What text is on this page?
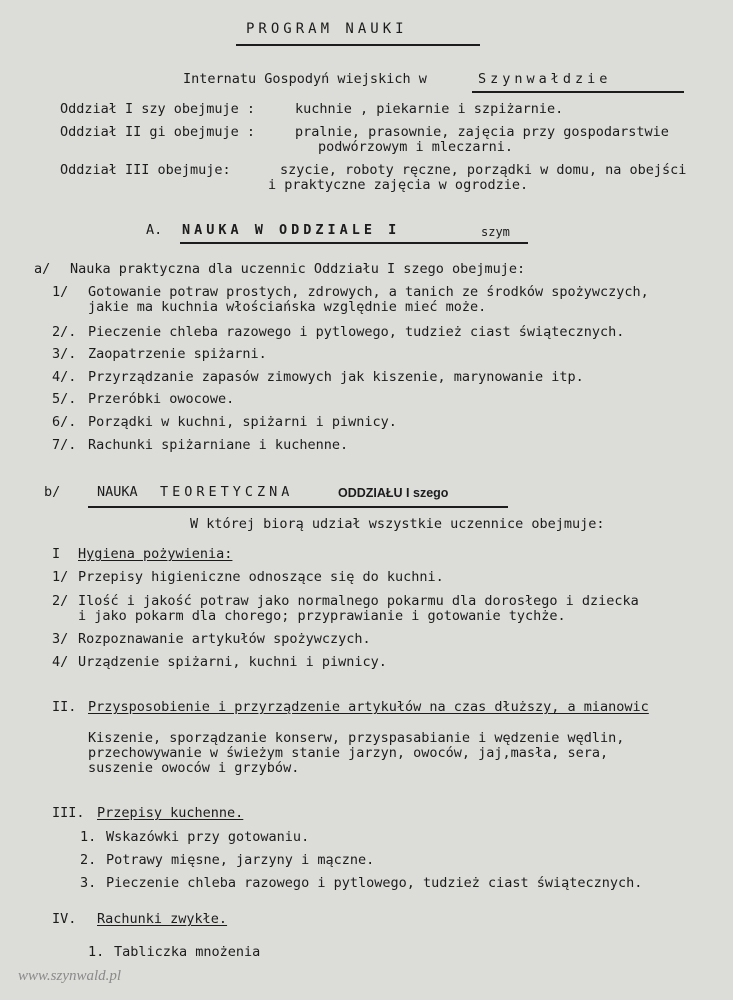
PROGRAM NAUKI
Internatu Gospodyń wiejskich w	Szynwałdzie
Oddział I szy obejmuje :	kuchnie , piekarnie i szpiżarnie.
Oddział II gi obejmuje :	pralnie, prasownie, zajęcia przy gospodarstwie
podwórzowym i mleczarni.
Oddział III obejmuje:	szycie, roboty ręczne, porządki w domu, na obejści
i praktyczne zajęcia w ogrodzie.
A. NAUKA W ODDZIALE I	szym
a/ Nauka praktyczna dla uczennic Oddziału I szego obejmuje:
1/ Gotowanie potraw prostych, zdrowych, a tanich ze środków spożywczych,
jakie ma kuchnia włościańska względnie mieć może.
2/. Pieczenie chleba razowego i pytlowego, tudzież ciast świątecznych.
3/. Zaopatrzenie spiżarni.
4/. Przyrządzanie zapasów zimowych jak kiszenie, marynowanie itp.
5/. Przeróbki owocowe.
6/. Porządki w kuchni, spiżarni i piwnicy.
7/. Rachunki spiżarniane i kuchenne.
b/	NAUKA TEORETYCZNA	ODDZIAŁU I szego
W której biorą udział wszystkie uczennice obejmuje:
I Hygiena pożywienia:
1/ Przepisy higieniczne odnoszące się do kuchni.
2/ Ilość i jakość potraw jako normalnego pokarmu dla dorosłego i dziecka
i jako pokarm dla chorego; przyprawianie i gotowanie tychże.
3/ Rozpoznawanie artykułów spożywczych.
4/ Urządzenie spiżarni, kuchni i piwnicy.
II. Przysposobienie i przyrządzenie artykułów na czas dłuższy, a mianowic
Kiszenie, sporządzanie konserw, przyspasabianie i wędzenie wędlin,
przechowywanie w świeżym stanie jarzyn, owoców, jaj,masła, sera,
suszenie owoców i grzybów.
III. Przepisy kuchenne.
1. Wskazówki przy gotowaniu.
2. Potrawy mięsne, jarzyny i mączne.
3. Pieczenie chleba razowego i pytlowego, tudzież ciast świątecznych.
IV. Rachunki zwykłe.
1. Tabliczka mnożenia
www.szynwald.pl
